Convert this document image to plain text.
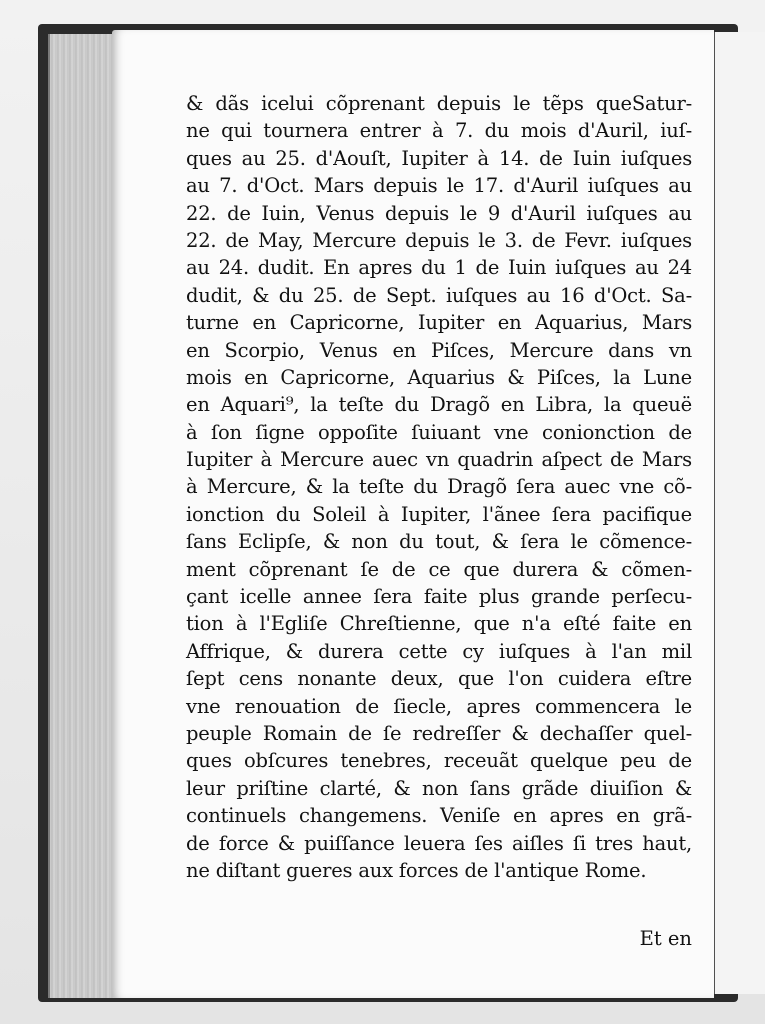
& dãs icelui cõprenant depuis le tẽps queSatur-
ne qui tournera entrer à 7. du mois d'Auril, iuſ-
ques au 25. d'Aouſt, Iupiter à 14. de Iuin iuſques
au 7. d'Oct. Mars depuis le 17. d'Auril iuſques au
22. de Iuin, Venus depuis le 9 d'Auril iuſques au
22. de May, Mercure depuis le 3. de Fevr. iuſques
au 24. dudit. En apres du 1 de Iuin iuſques au 24
dudit, & du 25. de Sept. iuſques au 16 d'Oct. Sa-
turne en Capricorne, Iupiter en Aquarius, Mars
en Scorpio, Venus en Piſces, Mercure dans vn
mois en Capricorne, Aquarius & Piſces, la Lune
en Aquari⁹, la teſte du Dragõ en Libra, la queuë
à ſon ſigne oppoſite ſuiuant vne conionction de
Iupiter à Mercure auec vn quadrin aſpect de Mars
à Mercure, & la teſte du Dragõ ſera auec vne cõ-
ionction du Soleil à Iupiter, l'ãnee ſera pacifique
ſans Eclipſe, & non du tout, & ſera le cõmence-
ment cõprenant ſe de ce que durera & cõmen-
çant icelle annee ſera faite plus grande perſecu-
tion à l'Egliſe Chreſtienne, que n'a eſté faite en
Affrique, & durera cette cy iuſques à l'an mil
ſept cens nonante deux, que l'on cuidera eſtre
vne renouation de ſiecle, apres commencera le
peuple Romain de ſe redreſſer & dechaſſer quel-
ques obſcures tenebres, receuãt quelque peu de
leur priſtine clarté, & non ſans grãde diuiſion &
continuels changemens. Veniſe en apres en grã-
de force & puiſſance leuera ſes aiſles ſi tres haut,
ne diſtant gueres aux forces de l'antique Rome.
Et en
